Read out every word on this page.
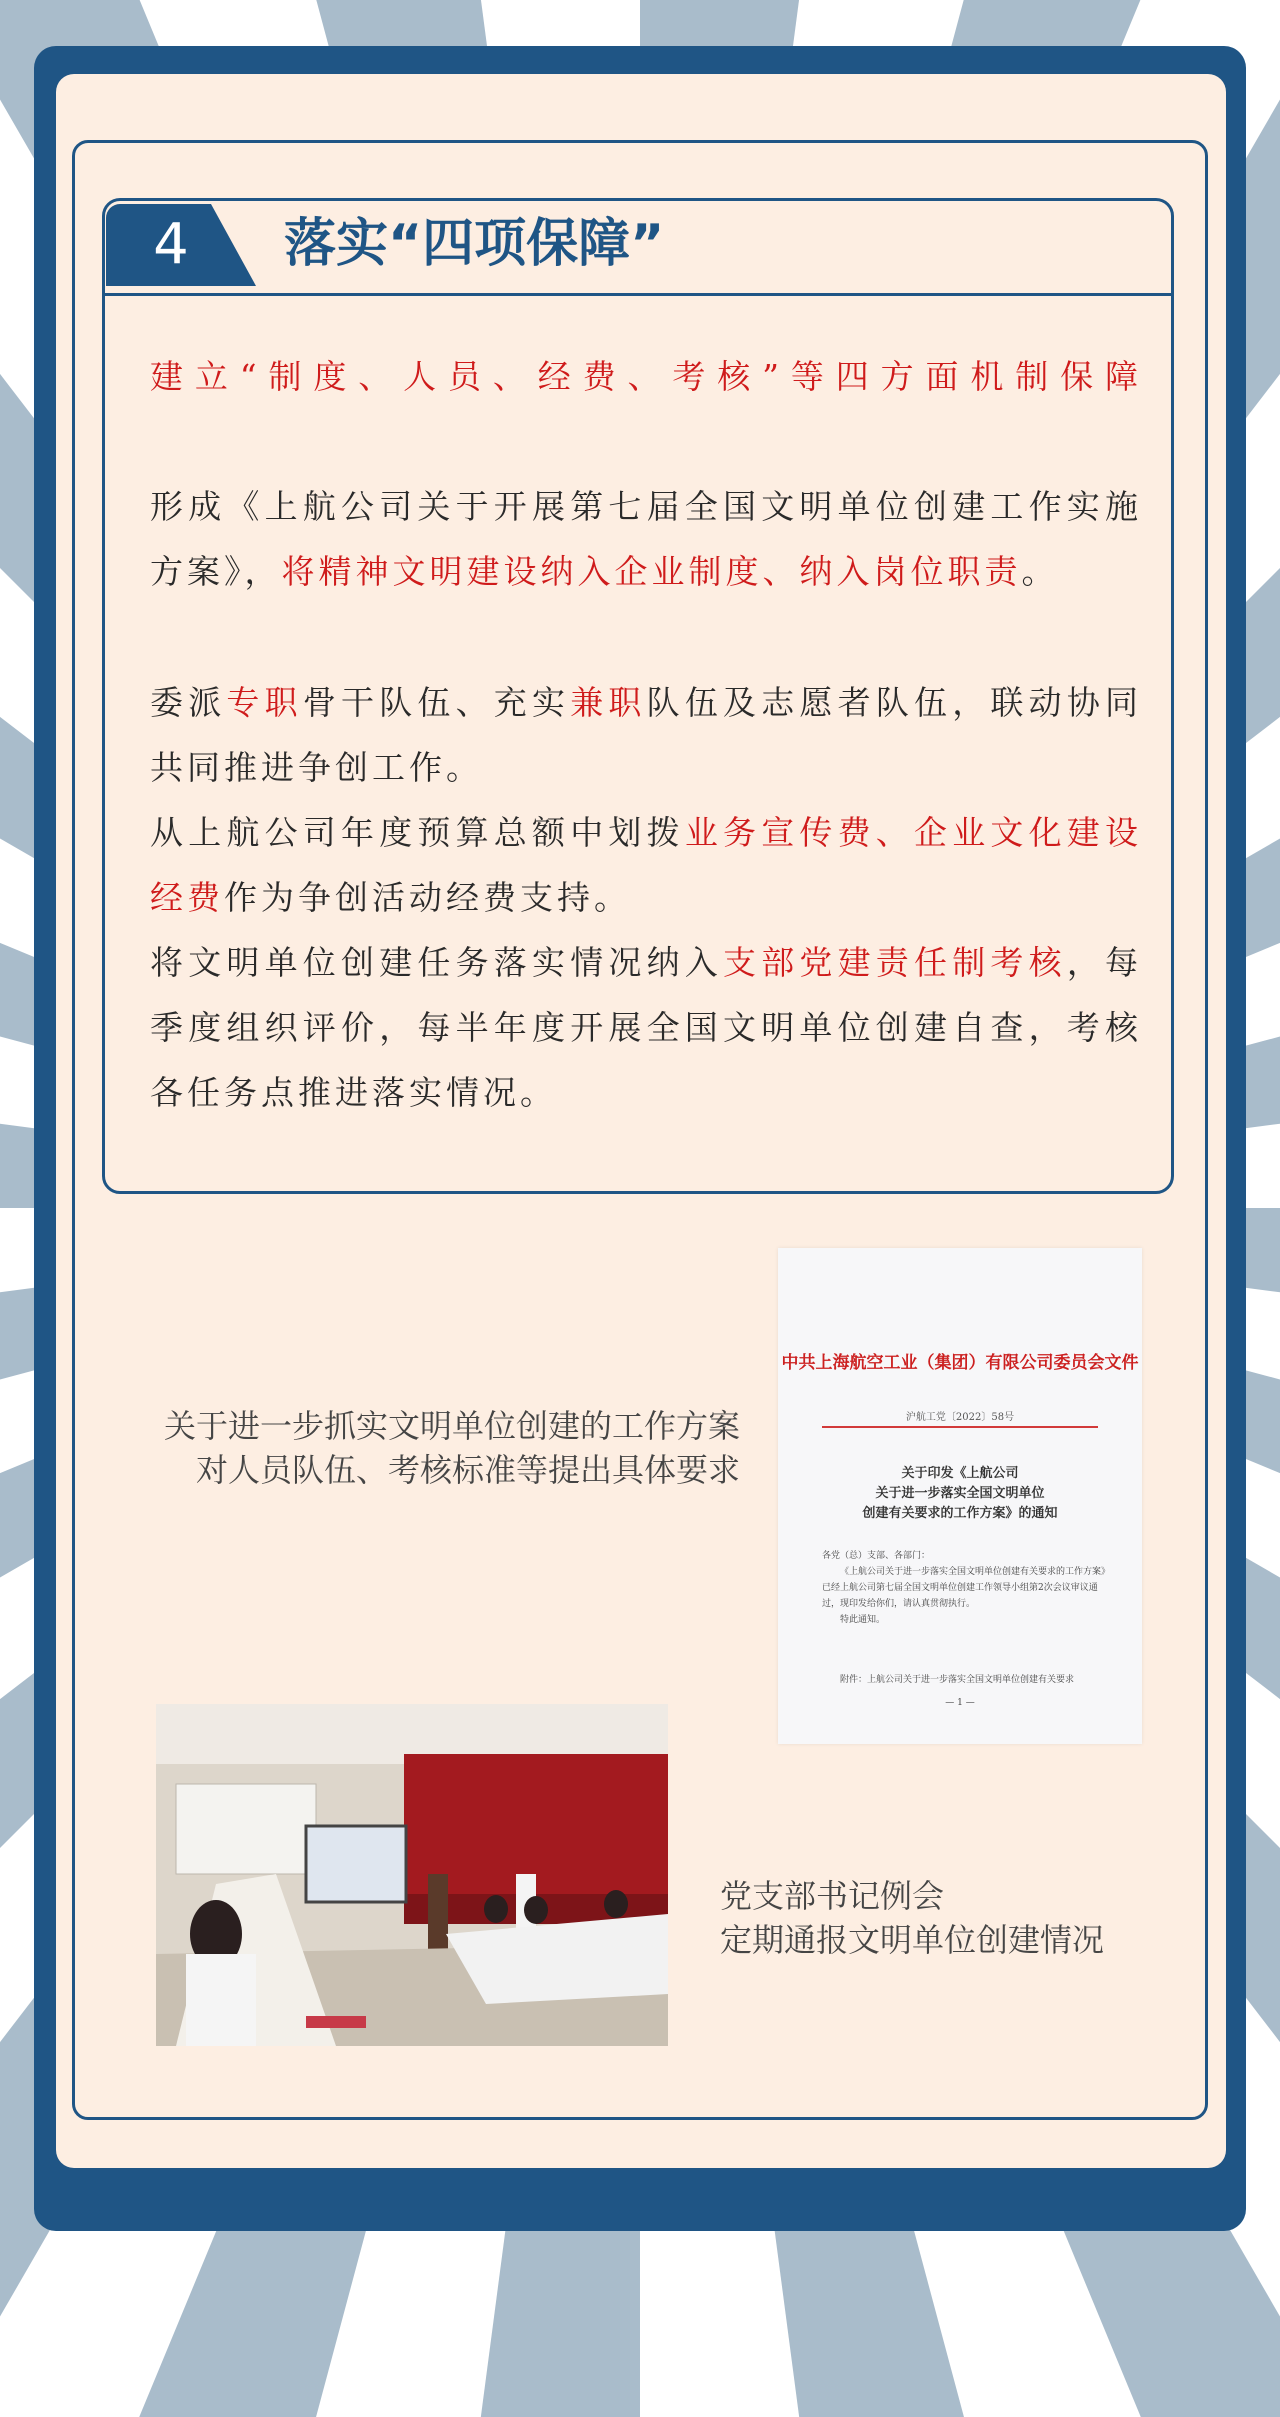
4	落实“四项保障”

建立“制度、人员、经费、考核”等四方面机制保障

形成《上航公司关于开展第七届全国文明单位创建工作实施方案》，将精神文明建设纳入企业制度、纳入岗位职责。

委派专职骨干队伍、充实兼职队伍及志愿者队伍，联动协同共同推进争创工作。

从上航公司年度预算总额中划拨业务宣传费、企业文化建设经费作为争创活动经费支持。

将文明单位创建任务落实情况纳入支部党建责任制考核，每季度组织评价，每半年度开展全国文明单位创建自查，考核各任务点推进落实情况。

关于进一步抓实文明单位创建的工作方案
对人员队伍、考核标准等提出具体要求
中共上海航空工业（集团）有限公司委员会文件
沪航工党〔2022〕58号
关于印发《上航公司
关于进一步落实全国文明单位
创建有关要求的工作方案》的通知
各党（总）支部、各部门：
《上航公司关于进一步落实全国文明单位创建有关要求的工作方案》已经上航公司第七届全国文明单位创建工作领导小组第2次会议审议通过，现印发给你们，请认真贯彻执行。
特此通知。
附件：上航公司关于进一步落实全国文明单位创建有关要求
— 1 —
党支部书记例会
定期通报文明单位创建情况
